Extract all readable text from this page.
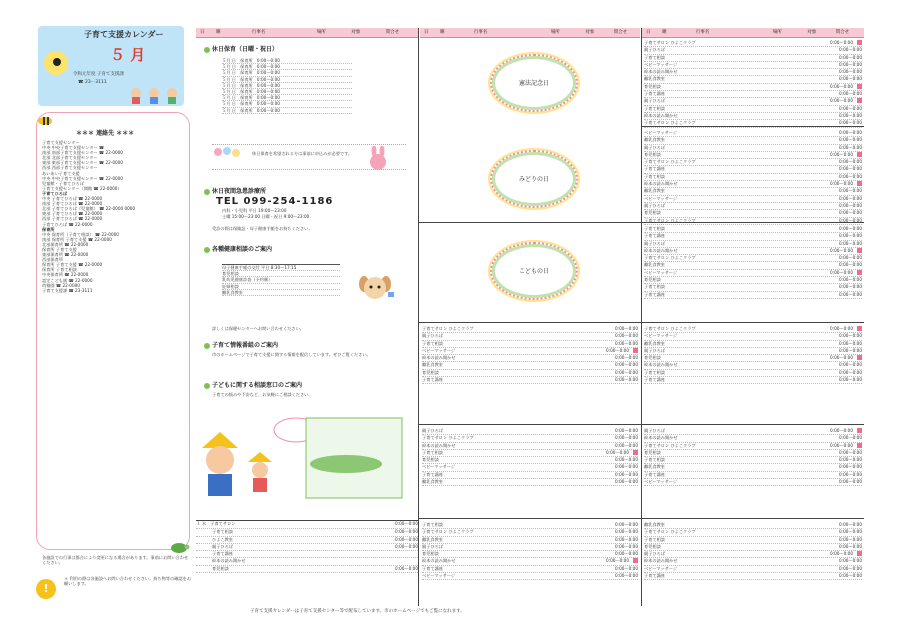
子育て支援カレンダー
５ 月
令和元年度 子育て支援課
☎ 23－3111
＊＊＊ 連絡先 ＊＊＊
子育て支援センター
中央 中央子育て支援センター ☎
南部 南部子育て支援センター ☎ 22-0000
北部 北部子育て支援センター
東部 東部子育て支援センター ☎ 22-0000
西部 西部子育て支援センター
あいあい子育て支援
中央 中央子育て支援センター ☎ 22-0000
児童館・子育てひろば
子育て支援センター（開館 ☎ 22-0000）
子育てひろば
中央 子育てひろば ☎ 22-0000
南部 子育てひろば ☎ 22-0000
北部 子育てひろば（児童館） ☎ 22-0000 0000
東部 子育てひろば ☎ 22-0000
西部 子育てひろば ☎ 22-0000
子育てひろば ☎ 22-0000
保育所
中央 保育所（子育て相談） ☎ 22-0000
南部 保育所 子育て支援 ☎ 22-0000
北部保育所 ☎ 22-0000
保育所 子育て支援
東部保育所 ☎ 22-0000
西部保育所
保育所 子育て支援 ☎ 22-0000
保育所 子育て相談
中央保育所 ☎ 22-0000
認定こども園 ☎ 22-0000
幼稚園 ☎ 22-0000
子育て支援課 ☎ 23-3111
各施設での行事は都合により変更になる場合があります。事前にお問い合わせください。
!
＊ 利用の際は各施設へお問い合わせください。持ち物等の確認をお願いします。
日	曜	行事名	場所	対象	問合せ
休日保育（日曜・祝日）
５月 日　 保育所　 0:00～0:00
５月 日　 保育所　 0:00～0:00
５月 日　 保育所　 0:00～0:00
５月 日　 保育所　 0:00～0:00
５月 日　 保育所　 0:00～0:00
５月 日　 保育所　 0:00～0:00
５月 日　 保育所　 0:00～0:00
５月 日　 保育所　 0:00～0:00
５月 日　 保育所　 0:00～0:00
休日保育を希望される方は事前に申込みが必要です。
休日夜間急患診療所
TEL 099-254-1186
内科・小児科 平日 19:00～23:00
土曜 15:00～23:00 日曜・祝日 9:00～23:00
受診の際は保険証・母子健康手帳をお持ちください。
各種健康相談のご案内
母子健康手帳の交付 平日 8:30～17:15
育児相談
乳幼児健康診査（予約制）
妊婦相談
離乳食教室
詳しくは保健センターへお問い合わせください。
子育て情報番組のご案内
市のホームページで子育て支援に関する情報を配信しています。ぜひご覧ください。
子どもに関する相談窓口のご案内
子育ての悩みや不安など、お気軽にご相談ください。
１ 水　 子育てサロン	0:00～0:00
子育て相談	0:00～0:00
ひよこ教室	0:00～0:00
親子ひろば	0:00～0:00
子育て講座
絵本の読み聞かせ
育児相談	0:00～0:00
日	曜	行事名	場所	対象	問合せ	日	曜	行事名	場所	対象	問合せ
憲法記念日
みどりの日
こどもの日
子育てサロン ひよこクラブ	0:00～0:00
親子ひろば	0:00～0:00
子育て相談	0:00～0:00
ベビーマッサージ	0:00～0:00
絵本の読み聞かせ	0:00～0:00
離乳食教室	0:00～0:00
育児相談	0:00～0:00
子育て講座	0:00～0:00
親子ひろば	0:00～0:00
子育てサロン ひよこクラブ	0:00～0:00
絵本の読み聞かせ	0:00～0:00
子育て相談	0:00～0:00
育児相談	0:00～0:00
ベビーマッサージ	0:00～0:00
子育て講座	0:00～0:00
離乳食教室	0:00～0:00
子育て相談	0:00～0:00
子育てサロン ひよこクラブ	0:00～0:00
離乳食教室	0:00～0:00
親子ひろば	0:00～0:00
育児相談	0:00～0:00
絵本の読み聞かせ	0:00～0:00
子育て講座	0:00～0:00
ベビーマッサージ	0:00～0:00
子育てサロン ひよこクラブ	0:00～0:00
親子ひろば	0:00～0:00
子育て相談	0:00～0:00
ベビーマッサージ	0:00～0:00
絵本の読み聞かせ	0:00～0:00
離乳食教室	0:00～0:00
育児相談	0:00～0:00
子育て講座	0:00～0:00
親子ひろば	0:00～0:00
子育て相談	0:00～0:00
絵本の読み聞かせ	0:00～0:00
子育てサロン ひよこクラブ	0:00～0:00
ベビーマッサージ	0:00～0:00
離乳食教室	0:00～0:00
親子ひろば	0:00～0:00
育児相談	0:00～0:00
子育てサロン ひよこクラブ	0:00～0:00
子育て講座	0:00～0:00
子育て相談	0:00～0:00
絵本の読み聞かせ	0:00～0:00
離乳食教室	0:00～0:00
ベビーマッサージ	0:00～0:00
親子ひろば	0:00～0:00
育児相談	0:00～0:00
子育てサロン ひよこクラブ	0:00～0:00
子育て相談	0:00～0:00
子育て講座	0:00～0:00
親子ひろば	0:00～0:00
絵本の読み聞かせ	0:00～0:00
子育てサロン ひよこクラブ	0:00～0:00
離乳食教室	0:00～0:00
ベビーマッサージ	0:00～0:00
育児相談	0:00～0:00
子育て相談	0:00～0:00
子育て講座	0:00～0:00
子育てサロン ひよこクラブ	0:00～0:00
ベビーマッサージ	0:00～0:00
離乳食教室	0:00～0:00
親子ひろば	0:00～0:00
育児相談	0:00～0:00
絵本の読み聞かせ	0:00～0:00
子育て相談	0:00～0:00
子育て講座	0:00～0:00
親子ひろば	0:00～0:00
絵本の読み聞かせ	0:00～0:00
子育てサロン ひよこクラブ	0:00～0:00
育児相談	0:00～0:00
子育て相談	0:00～0:00
離乳食教室	0:00～0:00
子育て講座	0:00～0:00
ベビーマッサージ	0:00～0:00
離乳食教室	0:00～0:00
子育てサロン ひよこクラブ	0:00～0:00
子育て相談	0:00～0:00
育児相談	0:00～0:00
親子ひろば	0:00～0:00
絵本の読み聞かせ	0:00～0:00
ベビーマッサージ	0:00～0:00
子育て講座	0:00～0:00
子育て支援カレンダーは子育て支援センター等で配布しています。市のホームページでもご覧になれます。
